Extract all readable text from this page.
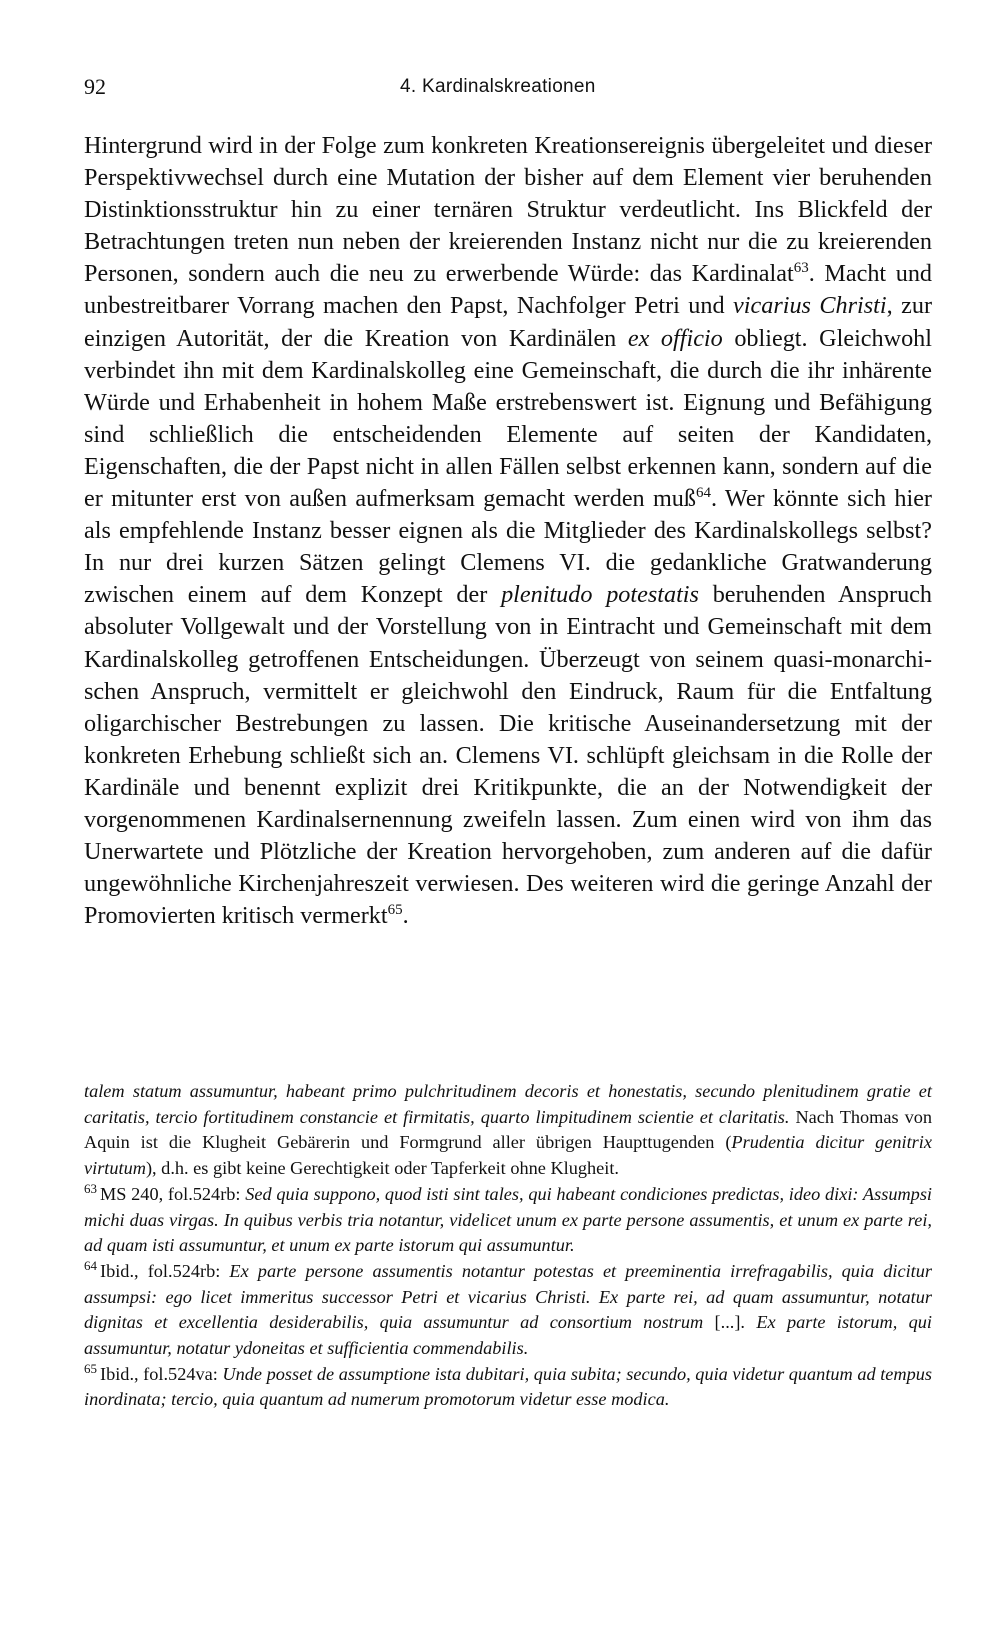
92	4. Kardinalskreationen

Hintergrund wird in der Folge zum konkreten Kreationsereignis übergeleitet und dieser Perspektivwechsel durch eine Mutation der bisher auf dem Element vier beruhenden Distinktionsstruktur hin zu einer ternären Struktur verdeutlicht. Ins Blickfeld der Betrachtungen treten nun neben der kreierenden Instanz nicht nur die zu kreierenden Personen, sondern auch die neu zu erwerbende Würde: das Kardinalat$^{63}$. Macht und unbestreitbarer Vorrang machen den Papst, Nachfolger Petri und vicarius Christi, zur einzigen Autorität, der die Kreation von Kardinälen ex officio obliegt. Gleichwohl verbindet ihn mit dem Kardinalskolleg eine Gemeinschaft, die durch die ihr inhärente Würde und Erhabenheit in hohem Maße erstrebenswert ist. Eignung und Befähigung sind schließlich die entscheidenden Elemente auf seiten der Kandidaten, Eigenschaften, die der Papst nicht in allen Fällen selbst erkennen kann, sondern auf die er mitunter erst von außen aufmerksam gemacht werden muß$^{64}$. Wer könnte sich hier als empfehlende Instanz besser eignen als die Mitglieder des Kardinalskollegs selbst? In nur drei kurzen Sätzen gelingt Clemens VI. die gedankliche Gratwanderung zwischen einem auf dem Konzept der plenitudo potestatis beruhenden Anspruch absoluter Vollgewalt und der Vorstellung von in Eintracht und Gemeinschaft mit dem Kardinalskolleg getroffenen Entscheidungen. Überzeugt von seinem quasi-monarchischen Anspruch, vermittelt er gleichwohl den Eindruck, Raum für die Entfaltung oligarchischer Bestrebungen zu lassen. Die kritische Auseinandersetzung mit der konkreten Erhebung schließt sich an. Clemens VI. schlüpft gleichsam in die Rolle der Kardinäle und benennt explizit drei Kritikpunkte, die an der Notwendigkeit der vorgenommenen Kardinalsernennung zweifeln lassen. Zum einen wird von ihm das Unerwartete und Plötzliche der Kreation hervorgehoben, zum anderen auf die dafür ungewöhnliche Kirchenjahreszeit verwiesen. Des weiteren wird die geringe Anzahl der Promovierten kritisch vermerkt$^{65}$.

talem statum assumuntur, habeant primo pulchritudinem decoris et honestatis, secundo plenitudinem gratie et caritatis, tercio fortitudinem constancie et firmitatis, quarto limpitudinem scientie et claritatis. Nach Thomas von Aquin ist die Klugheit Gebärerin und Formgrund aller übrigen Haupttugenden (Prudentia dicitur genitrix virtutum), d.h. es gibt keine Gerechtigkeit oder Tapferkeit ohne Klugheit.

$^{63}$ MS 240, fol.524rb: Sed quia suppono, quod isti sint tales, qui habeant condiciones predictas, ideo dixi: Assumpsi michi duas virgas. In quibus verbis tria notantur, videlicet unum ex parte persone assumentis, et unum ex parte rei, ad quam isti assumuntur, et unum ex parte istorum qui assumuntur.

$^{64}$ Ibid., fol.524rb: Ex parte persone assumentis notantur potestas et preeminentia irrefragabilis, quia dicitur assumpsi: ego licet immeritus successor Petri et vicarius Christi. Ex parte rei, ad quam assumuntur, notatur dignitas et excellentia desiderabilis, quia assumuntur ad consortium nostrum [...]. Ex parte istorum, qui assumuntur, notatur ydoneitas et sufficientia commendabilis.

$^{65}$ Ibid., fol.524va: Unde posset de assumptione ista dubitari, quia subita; secundo, quia videtur quantum ad tempus inordinata; tercio, quia quantum ad numerum promotorum videtur esse modica.
